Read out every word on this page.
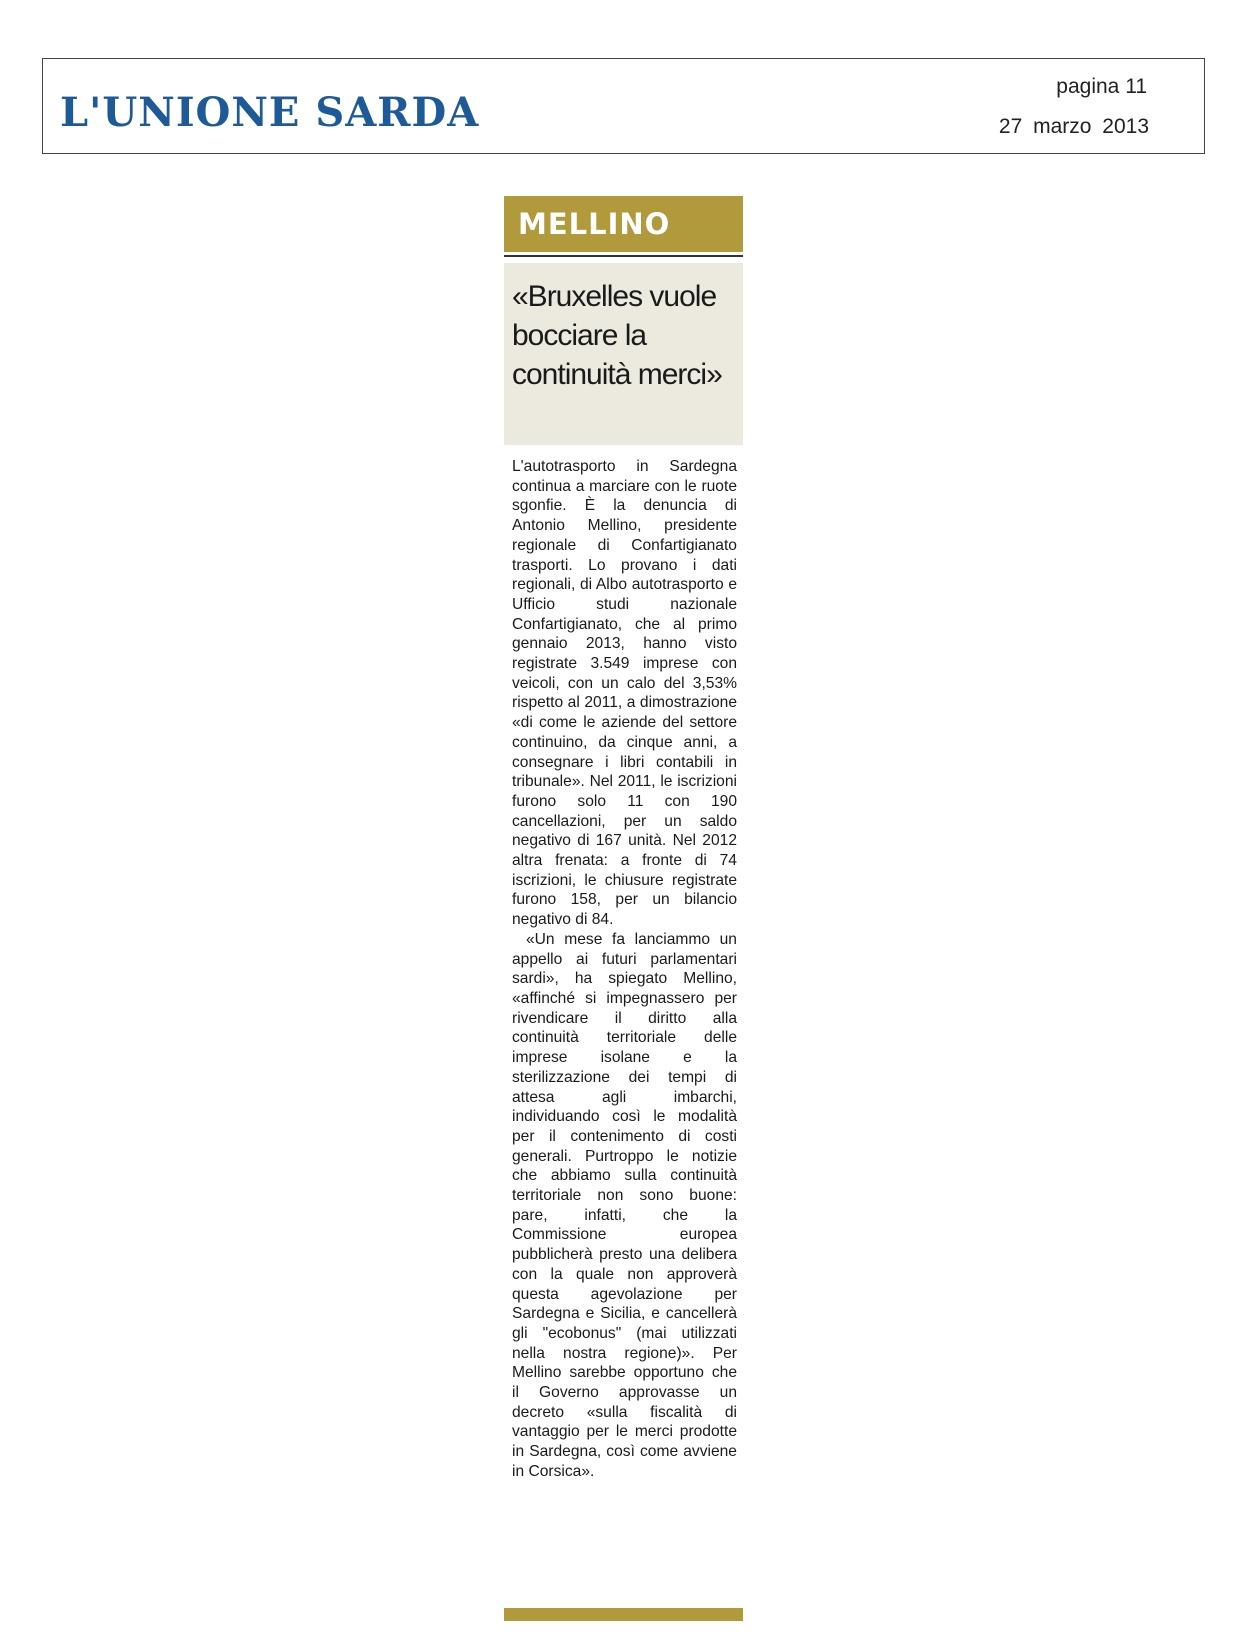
L'UNIONE SARDA
pagina 11
27 marzo 2013
MELLINO
«Bruxelles vuole bocciare la continuità merci»

L'autotrasporto in Sardegna continua a marciare con le ruote sgonfie. È la denuncia di Antonio Mellino, presidente regionale di Confartigianato trasporti. Lo provano i dati regionali, di Albo autotrasporto e Ufficio studi nazionale Confartigianato, che al primo gennaio 2013, hanno visto registrate 3.549 imprese con veicoli, con un calo del 3,53% rispetto al 2011, a dimostrazione «di come le aziende del settore continuino, da cinque anni, a consegnare i libri contabili in tribunale». Nel 2011, le iscrizioni furono solo 11 con 190 cancellazioni, per un saldo negativo di 167 unità. Nel 2012 altra frenata: a fronte di 74 iscrizioni, le chiusure registrate furono 158, per un bilancio negativo di 84.

«Un mese fa lanciammo un appello ai futuri parlamentari sardi», ha spiegato Mellino, «affinché si impegnassero per rivendicare il diritto alla continuità territoriale delle imprese isolane e la sterilizzazione dei tempi di attesa agli imbarchi, individuando così le modalità per il contenimento di costi generali. Purtroppo le notizie che abbiamo sulla continuità territoriale non sono buone: pare, infatti, che la Commissione europea pubblicherà presto una delibera con la quale non approverà questa agevolazione per Sardegna e Sicilia, e cancellerà gli "ecobonus" (mai utilizzati nella nostra regione)». Per Mellino sarebbe opportuno che il Governo approvasse un decreto «sulla fiscalità di vantaggio per le merci prodotte in Sardegna, così come avviene in Corsica».
